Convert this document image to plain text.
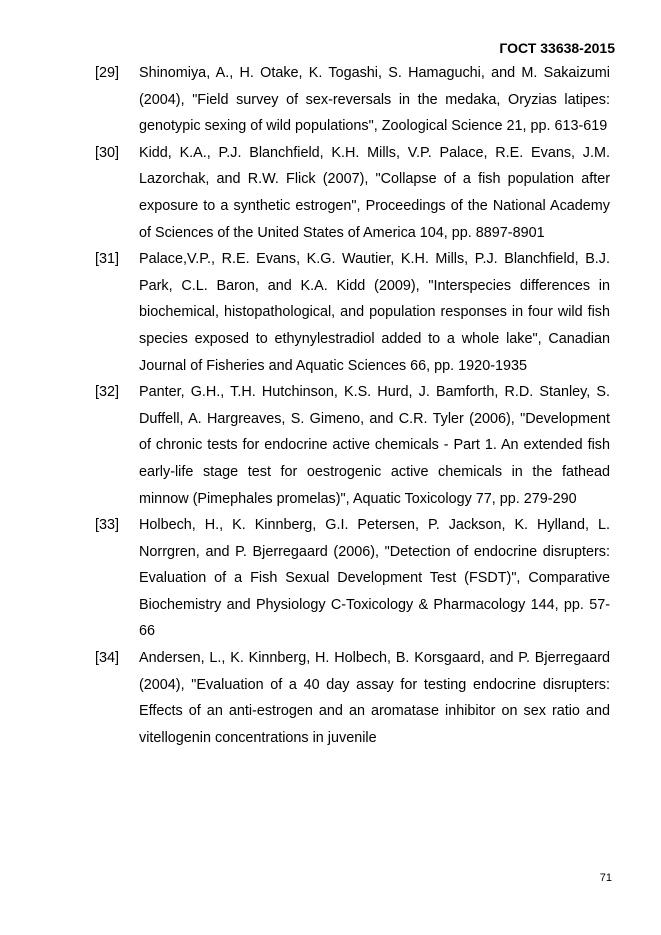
ГОСТ 33638-2015
[29]	Shinomiya, A., H. Otake, K. Togashi, S. Hamaguchi, and M. Sakaizumi (2004), "Field survey of sex-reversals in the medaka, Oryzias latipes: genotypic sexing of wild populations", Zoological Science 21, pp. 613-619
[30]	Kidd, K.A., P.J. Blanchfield, K.H. Mills, V.P. Palace, R.E. Evans, J.M. Lazorchak, and R.W. Flick (2007), "Collapse of a fish population after exposure to a synthetic estrogen", Proceedings of the National Academy of Sciences of the United States of America 104, pp. 8897-8901
[31]	Palace,V.P., R.E. Evans, K.G. Wautier, K.H. Mills, P.J. Blanchfield, B.J. Park, C.L. Baron, and K.A. Kidd (2009), "Interspecies differences in biochemical, histopathological, and population responses in four wild fish species exposed to ethynylestradiol added to a whole lake", Canadian Journal of Fisheries and Aquatic Sciences 66, pp. 1920-1935
[32]	Panter, G.H., T.H. Hutchinson, K.S. Hurd, J. Bamforth, R.D. Stanley, S. Duffell, A. Hargreaves, S. Gimeno, and C.R. Tyler (2006), "Development of chronic tests for endocrine active chemicals - Part 1. An extended fish early-life stage test for oestrogenic active chemicals in the fathead minnow (Pimephales promelas)", Aquatic Toxicology 77, pp. 279-290
[33]	Holbech, H., K. Kinnberg, G.I. Petersen, P. Jackson, K. Hylland, L. Norrgren, and P. Bjerregaard (2006), "Detection of endocrine disrupters: Evaluation of a Fish Sexual Development Test (FSDT)", Comparative Biochemistry and Physiology C-Toxicology & Pharmacology 144, pp. 57-66
[34]	Andersen, L., K. Kinnberg, H. Holbech, B. Korsgaard, and P. Bjerregaard (2004), "Evaluation of a 40 day assay for testing endocrine disrupters: Effects of an anti-estrogen and an aromatase inhibitor on sex ratio and vitellogenin concentrations in juvenile
71
